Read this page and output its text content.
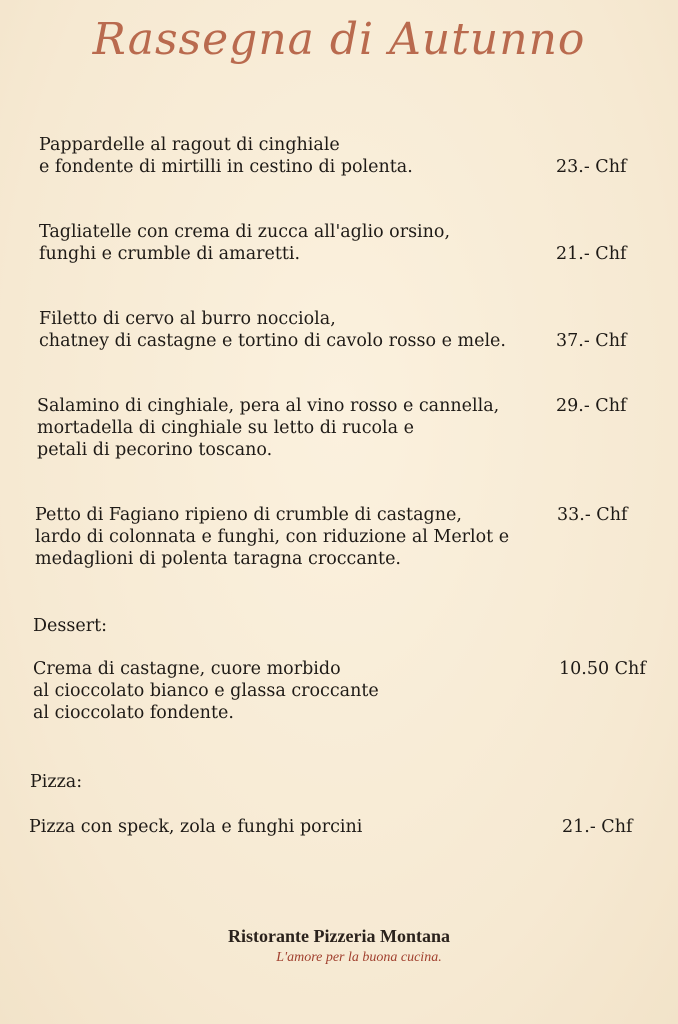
Rassegna di Autunno
Pappardelle al ragout di cinghiale
e fondente di mirtilli in cestino di polenta.	23.- Chf
Tagliatelle con crema di zucca all'aglio orsino,
funghi e crumble di amaretti.	21.- Chf
Filetto di cervo al burro nocciola,
chatney di castagne e tortino di cavolo rosso e mele.	37.- Chf
Salamino di cinghiale, pera al vino rosso e cannella,
mortadella di cinghiale su letto di rucola e
petali di pecorino toscano.
29.- Chf
Petto di Fagiano ripieno di crumble di castagne,
lardo di colonnata e funghi, con riduzione al Merlot e
medaglioni di polenta taragna croccante.
33.- Chf
Dessert:
Crema di castagne, cuore morbido
al cioccolato bianco e glassa croccante
al cioccolato fondente.
10.50 Chf
Pizza:
Pizza con speck, zola e funghi porcini	21.- Chf
Ristorante Pizzeria Montana
L'amore per la buona cucina.
